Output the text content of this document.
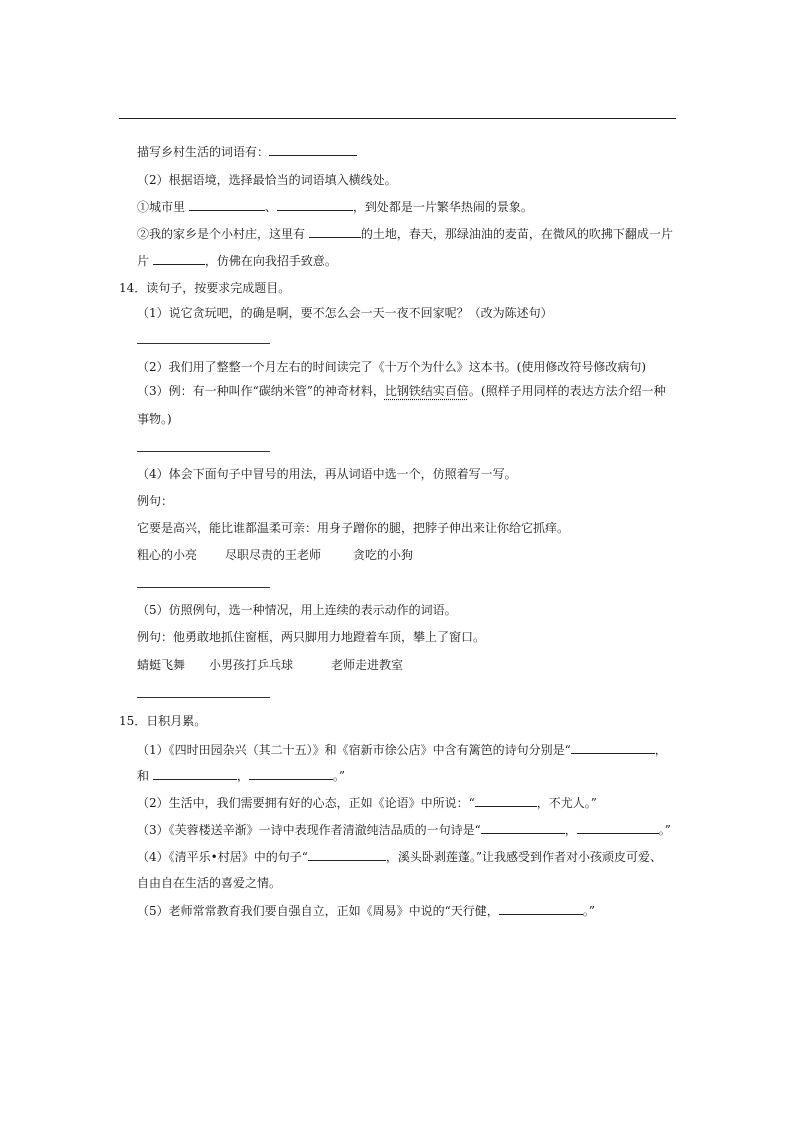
描写乡村生活的词语有：
（2）根据语境，选择最恰当的词语填入横线处。
①城市里	、	，到处都是一片繁华热闹的景象。
②我的家乡是个小村庄，这里有	的土地，春天，那绿油油的麦苗，在微风的吹拂下翻成一片
片	，仿佛在向我招手致意。
14．读句子，按要求完成题目。
（1）说它贪玩吧，的确是啊，要不怎么会一天一夜不回家呢？（改为陈述句）
（2）我们用了整整一个月左右的时间读完了《十万个为什么》这本书。(使用修改符号修改病句)
（3）例：有一种叫作“碳纳米管”的神奇材料，比钢铁结实百倍。(照样子用同样的表达方法介绍一种
事物。)
（4）体会下面句子中冒号的用法，再从词语中选一个，仿照着写一写。
例句：
它要是高兴，能比谁都温柔可亲：用身子蹭你的腿，把脖子伸出来让你给它抓痒。
粗心的小亮 尽职尽责的王老师	贪吃的小狗
（5）仿照例句，选一种情况，用上连续的表示动作的词语。
例句：他勇敢地抓住窗框，两只脚用力地蹬着车顶，攀上了窗口。
蜻蜓飞舞 小男孩打乒乓球	老师走进教室
15．日积月累。
（1）《四时田园杂兴（其二十五）》和《宿新市徐公店》中含有篱笆的诗句分别是“	，
和	，	。”
（2）生活中，我们需要拥有好的心态，正如《论语》中所说：“	，不尤人。”
（3）《芙蓉楼送辛渐》一诗中表现作者清澈纯洁品质的一句诗是“	，	。”
（4）《清平乐•村居》中的句子“	，溪头卧剥莲蓬。”让我感受到作者对小孩顽皮可爱、
自由自在生活的喜爱之情。
（5）老师常常教育我们要自强自立，正如《周易》中说的“天行健，	。”
